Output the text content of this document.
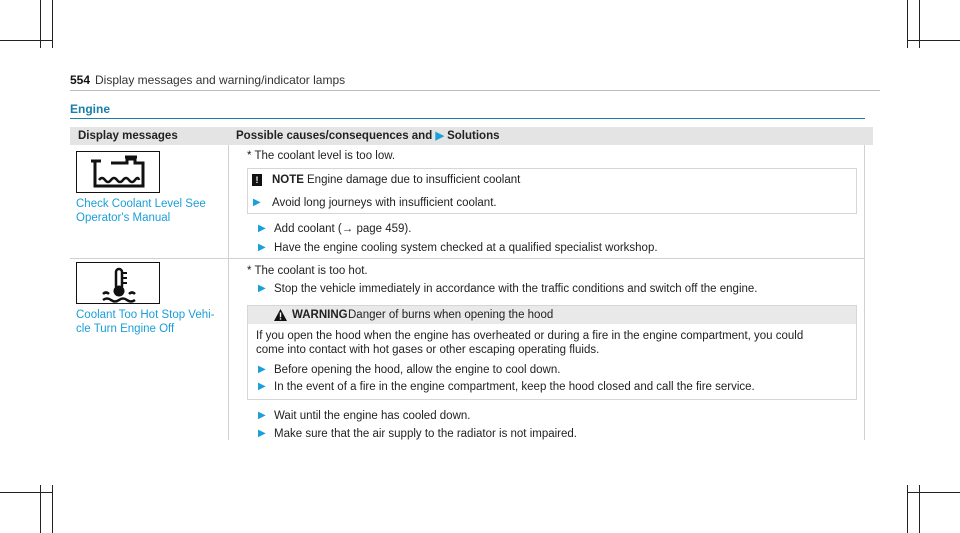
554 Display messages and warning/indicator lamps
Engine
Display messages	Possible causes/consequences and ▶ Solutions
Check Coolant Level See Operator's Manual
* The coolant level is too low.
!	NOTE Engine damage due to insufficient coolant
▶ Avoid long journeys with insufficient coolant.
▶ Add coolant (→ page 459).
▶ Have the engine cooling system checked at a qualified specialist workshop.
Coolant Too Hot Stop Vehi-
cle Turn Engine Off
* The coolant is too hot.
▶ Stop the vehicle immediately in accordance with the traffic conditions and switch off the engine.
WARNING Danger of burns when opening the hood
If you open the hood when the engine has overheated or during a fire in the engine compartment, you could
come into contact with hot gases or other escaping operating fluids.
▶ Before opening the hood, allow the engine to cool down.
▶ In the event of a fire in the engine compartment, keep the hood closed and call the fire service.
▶ Wait until the engine has cooled down.
▶ Make sure that the air supply to the radiator is not impaired.
